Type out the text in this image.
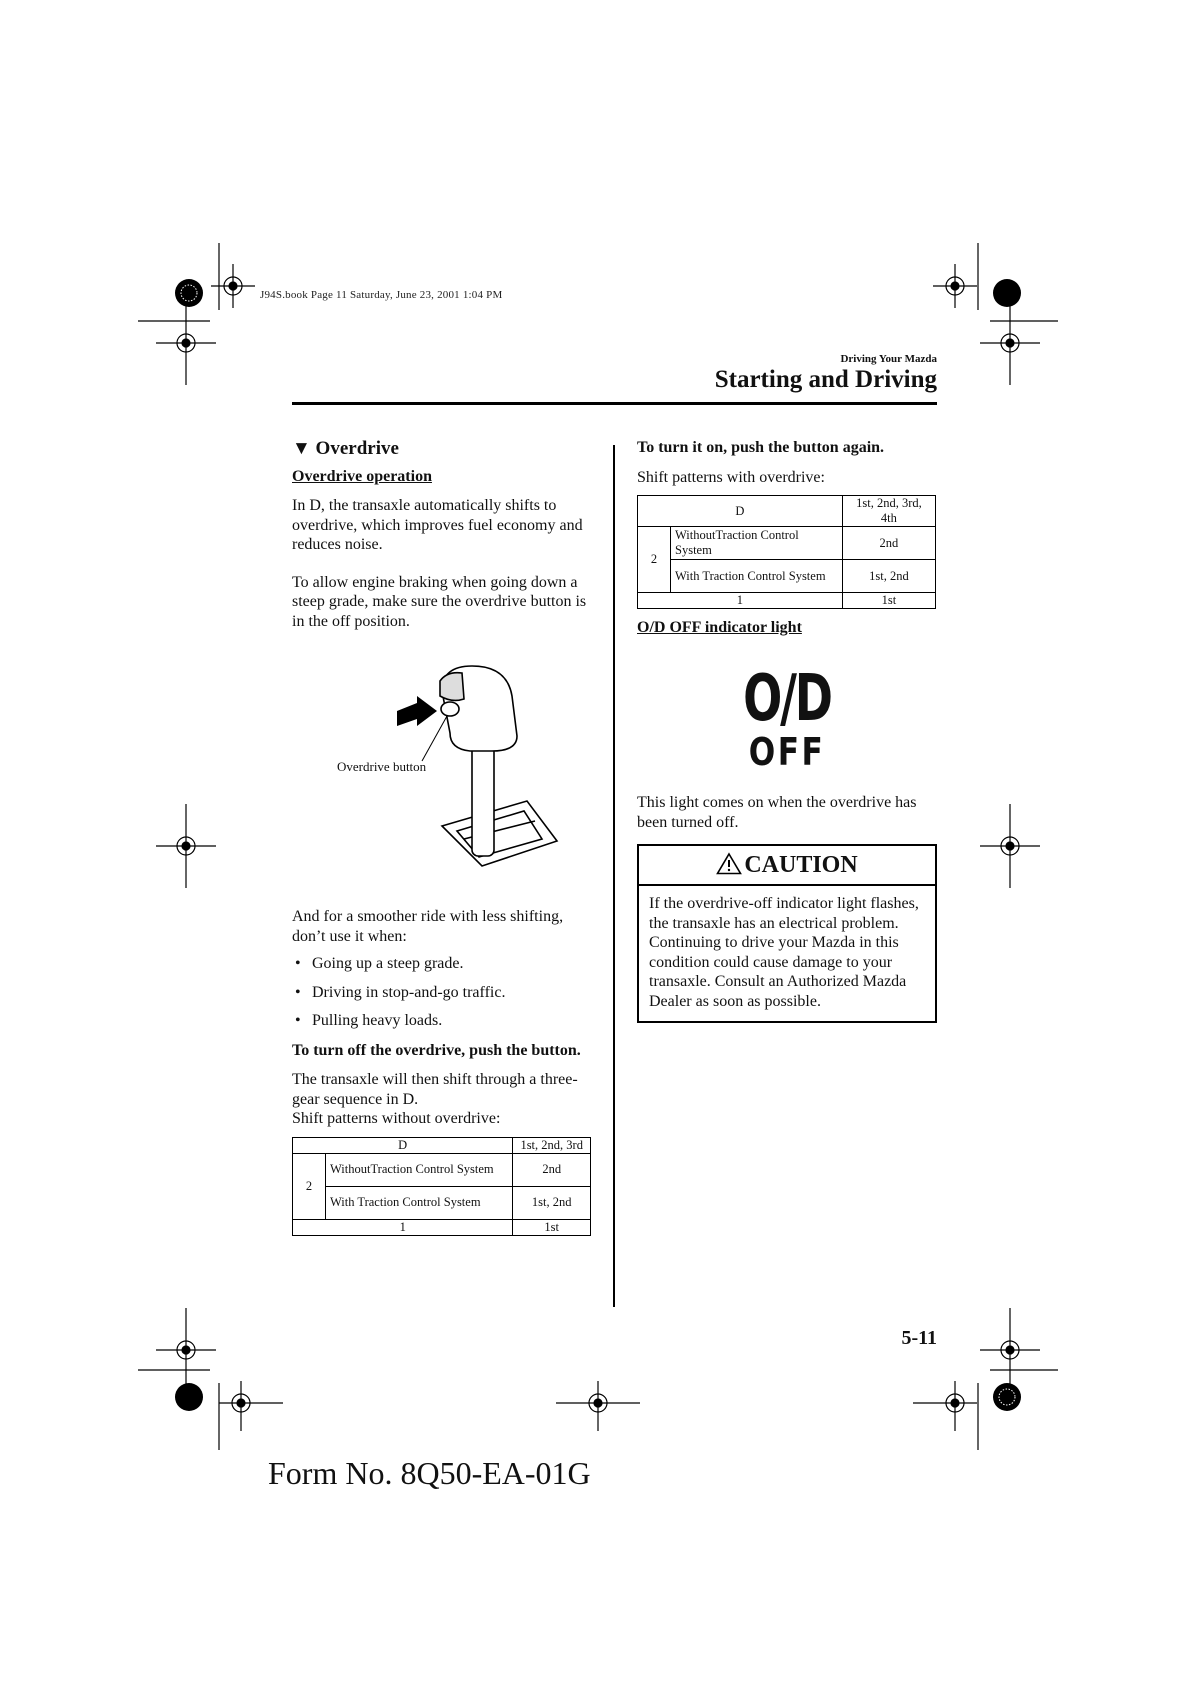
J94S.book Page 11 Saturday, June 23, 2001 1:04 PM
Driving Your Mazda
Starting and Driving
▼ Overdrive
Overdrive operation

In D, the transaxle automatically shifts to overdrive, which improves fuel economy and reduces noise.

To allow engine braking when going down a steep grade, make sure the overdrive button is in the off position.

Overdrive button

And for a smoother ride with less shifting, don’t use it when:

• Going up a steep grade.
• Driving in stop-and-go traffic.
• Pulling heavy loads.

To turn off the overdrive, push the button.

The transaxle will then shift through a three-gear sequence in D.

Shift patterns without overdrive:

D		1st, 2nd, 3rd
2	WithoutTraction Control System	2nd
	With Traction Control System	1st, 2nd
1		1st

To turn it on, push the button again.

Shift patterns with overdrive:

D		1st, 2nd, 3rd, 4th
2	WithoutTraction Control System	2nd
	With Traction Control System	1st, 2nd
1		1st
O/D OFF indicator light
O/D
OFF

This light comes on when the overdrive has been turned off.

CAUTION
If the overdrive-off indicator light flashes, the transaxle has an electrical problem. Continuing to drive your Mazda in this condition could cause damage to your transaxle. Consult an Authorized Mazda Dealer as soon as possible.
5-11
Form No. 8Q50-EA-01G
